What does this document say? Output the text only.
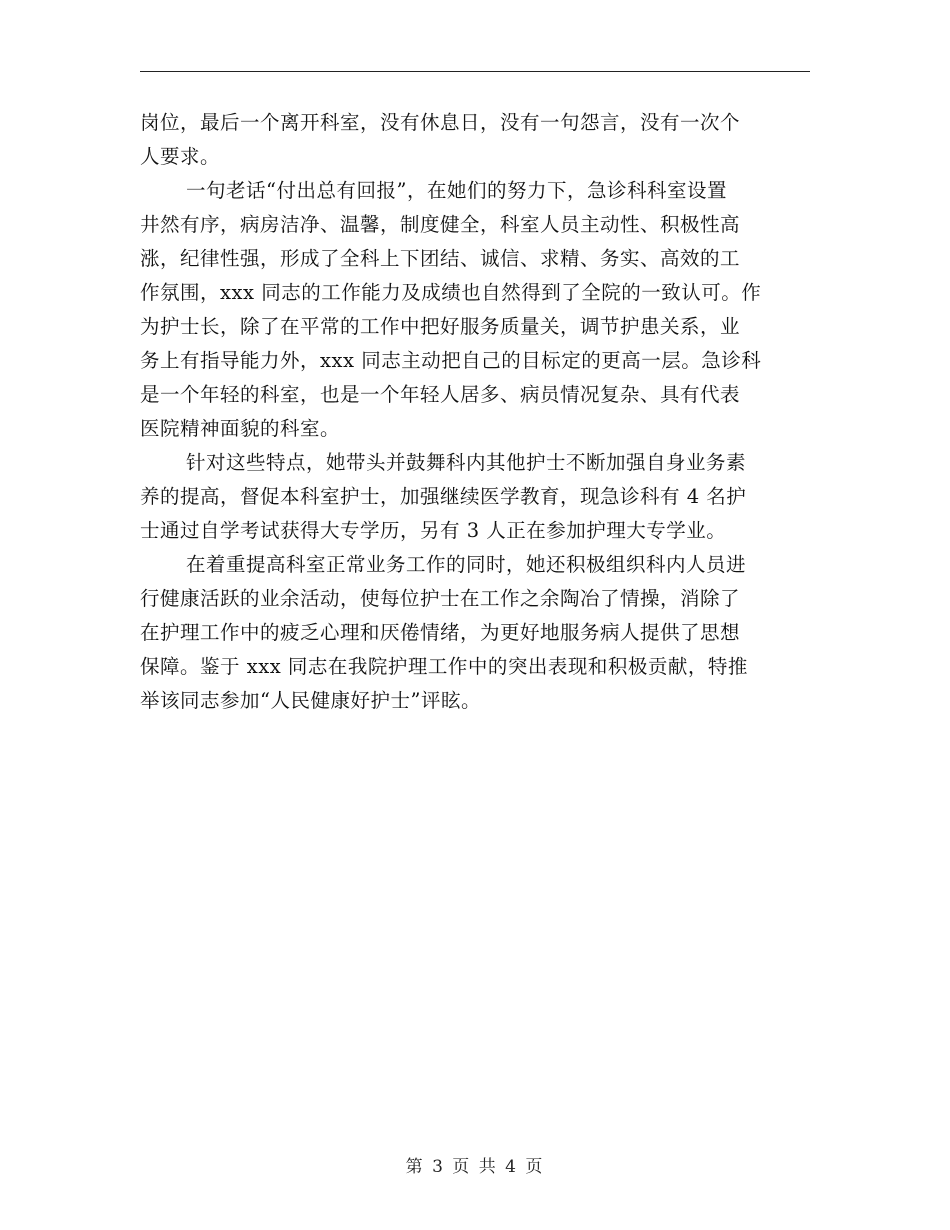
岗位，最后一个离开科室，没有休息日，没有一句怨言，没有一次个
人要求。
一句老话“付出总有回报”，在她们的努力下，急诊科科室设置
井然有序，病房洁净、温馨，制度健全，科室人员主动性、积极性高
涨，纪律性强，形成了全科上下团结、诚信、求精、务实、高效的工
作氛围，xxx 同志的工作能力及成绩也自然得到了全院的一致认可。作
为护士长，除了在平常的工作中把好服务质量关，调节护患关系，业
务上有指导能力外，xxx 同志主动把自己的目标定的更高一层。急诊科
是一个年轻的科室，也是一个年轻人居多、病员情况复杂、具有代表
医院精神面貌的科室。
针对这些特点，她带头并鼓舞科内其他护士不断加强自身业务素
养的提高，督促本科室护士，加强继续医学教育，现急诊科有 4 名护
士通过自学考试获得大专学历，另有 3 人正在参加护理大专学业。
在着重提高科室正常业务工作的同时，她还积极组织科内人员进
行健康活跃的业余活动，使每位护士在工作之余陶冶了情操，消除了
在护理工作中的疲乏心理和厌倦情绪，为更好地服务病人提供了思想
保障。鉴于 xxx 同志在我院护理工作中的突出表现和积极贡献，特推
举该同志参加“人民健康好护士”评眩。
第 3 页 共 4 页
